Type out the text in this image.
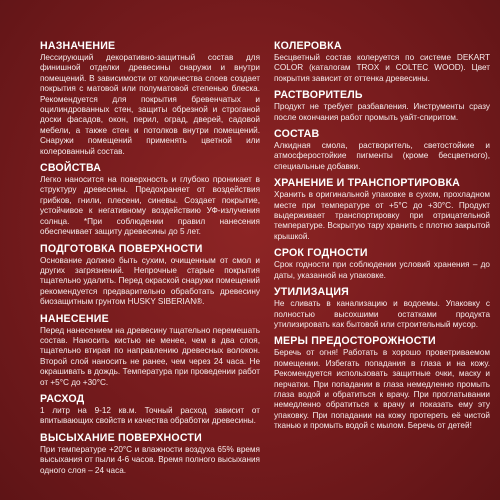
НАЗНАЧЕНИЕ

Лессирующий декоративно-защитный состав для финишной отделки древесины снаружи и внутри помещений. В зависимости от количества слоев создает покрытия с матовой или полуматовой степенью блеска. Рекомендуется для покрытия бревенчатых и оцилиндрованных стен, защиты обрезной и строганой доски фасадов, окон, перил, оград, дверей, садовой мебели, а также стен и потолков внутри помещений. Снаружи помещений применять цветной или колерованный состав.

СВОЙСТВА

Легко наносится на поверхность и глубоко проникает в структуру древесины. Предохраняет от воздействия грибков, гнили, плесени, синевы. Создает покрытие, устойчивое к негативному воздействию УФ-излучения солнца. *При соблюдении правил нанесения обеспечивает защиту древесины до 5 лет.

ПОДГОТОВКА ПОВЕРХНОСТИ

Основание должно быть сухим, очищенным от смол и других загрязнений. Непрочные старые покрытия тщательно удалить. Перед окраской снаружи помещений рекомендуется предварительно обработать древесину биозащитным грунтом HUSKY SIBERIAN®.

НАНЕСЕНИЕ

Перед нанесением на древесину тщательно перемешать состав. Наносить кистью не менее, чем в два слоя, тщательно втирая по направлению древесных волокон. Второй слой наносить не ранее, чем через 24 часа. Не окрашивать в дождь. Температура при проведении работ от +5°С до +30°С.

РАСХОД

1 литр на 9-12 кв.м. Точный расход зависит от впитывающих свойств и качества обработки древесины.

ВЫСЫХАНИЕ ПОВЕРХНОСТИ

При температуре +20°С и влажности воздуха 65% время высыхания от пыли 4-6 часов. Время полного высыхания одного слоя – 24 часа.

КОЛЕРОВКА

Бесцветный состав колеруется по системе DEKART COLOR (каталогам TROX и COLTEC WOOD). Цвет покрытия зависит от оттенка древесины.

РАСТВОРИТЕЛЬ

Продукт не требует разбавления. Инструменты сразу после окончания работ промыть уайт-спиритом.

СОСТАВ

Алкидная смола, растворитель, светостойкие и атмосферостойкие пигменты (кроме бесцветного), специальные добавки.

ХРАНЕНИЕ И ТРАНСПОРТИРОВКА

Хранить в оригинальной упаковке в сухом, прохладном месте при температуре от +5°С до +30°С. Продукт выдерживает транспортировку при отрицательной температуре. Вскрытую тару хранить с плотно закрытой крышкой.

СРОК ГОДНОСТИ

Срок годности при соблюдении условий хранения – до даты, указанной на упаковке.

УТИЛИЗАЦИЯ

Не сливать в канализацию и водоемы. Упаковку с полностью высохшими остатками продукта утилизировать как бытовой или строительный мусор.

МЕРЫ ПРЕДОСТОРОЖНОСТИ

Беречь от огня! Работать в хорошо проветриваемом помещении. Избегать попадания в глаза и на кожу. Рекомендуется использовать защитные очки, маску и перчатки. При попадании в глаза немедленно промыть глаза водой и обратиться к врачу. При проглатывании немедленно обратиться к врачу и показать ему эту упаковку. При попадании на кожу протереть её чистой тканью и промыть водой с мылом. Беречь от детей!
